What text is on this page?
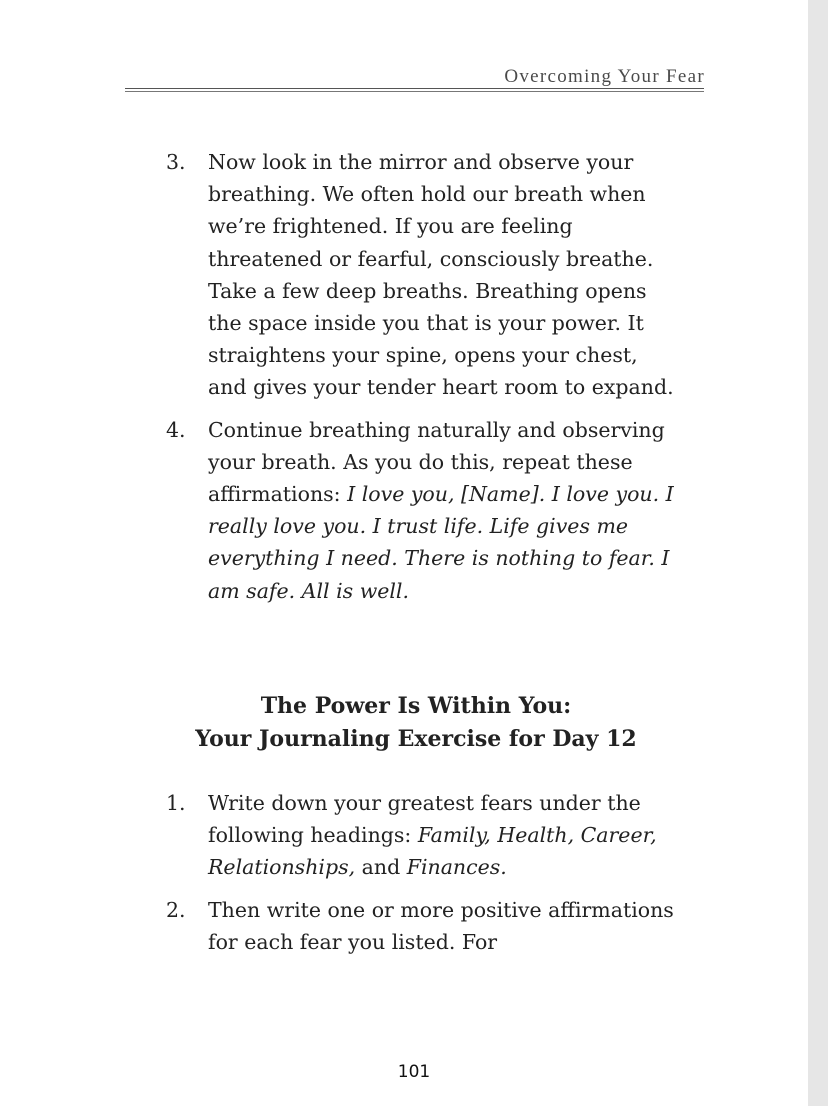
Overcoming Your Fear
3.	Now look in the mirror and observe your breathing. We often hold our breath when we’re frightened. If you are feeling threatened or fearful, consciously breathe. Take a few deep breaths. Breathing opens the space inside you that is your power. It straightens your spine, opens your chest, and gives your tender heart room to expand.
4.	Continue breathing naturally and observing your breath. As you do this, repeat these affirmations: I love you, [Name]. I love you. I really love you. I trust life. Life gives me everything I need. There is nothing to fear. I am safe. All is well.
The Power Is Within You:
Your Journaling Exercise for Day 12
1.	Write down your greatest fears under the following headings: Family, Health, Career, Relationships, and Finances.
2.	Then write one or more positive affirmations for each fear you listed. For
101
